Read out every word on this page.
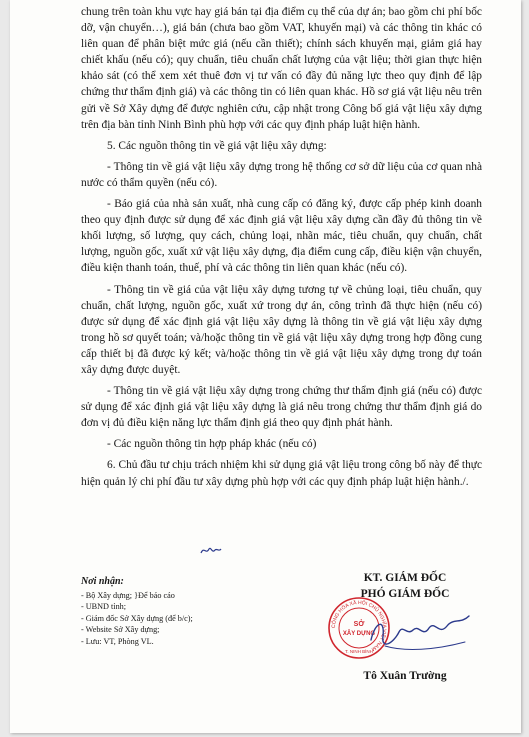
chung trên toàn khu vực hay giá bán tại địa điểm cụ thể của dự án; bao gồm chi phí bốc dỡ, vận chuyển…), giá bán (chưa bao gồm VAT, khuyến mại) và các thông tin khác có liên quan để phân biệt mức giá (nếu cần thiết); chính sách khuyến mại, giảm giá hay chiết khấu (nếu có); quy chuẩn, tiêu chuẩn chất lượng của vật liệu; thời gian thực hiện khảo sát (có thể xem xét thuê đơn vị tư vấn có đầy đủ năng lực theo quy định để lập chứng thư thẩm định giá) và các thông tin có liên quan khác. Hồ sơ giá vật liệu nêu trên gửi về Sở Xây dựng để được nghiên cứu, cập nhật trong Công bố giá vật liệu xây dựng trên địa bàn tỉnh Ninh Bình phù hợp với các quy định pháp luật hiện hành.

5. Các nguồn thông tin về giá vật liệu xây dựng:

- Thông tin về giá vật liệu xây dựng trong hệ thống cơ sở dữ liệu của cơ quan nhà nước có thẩm quyền (nếu có).

- Báo giá của nhà sản xuất, nhà cung cấp có đăng ký, được cấp phép kinh doanh theo quy định được sử dụng để xác định giá vật liệu xây dựng cần đầy đủ thông tin về khối lượng, số lượng, quy cách, chủng loại, nhãn mác, tiêu chuẩn, quy chuẩn, chất lượng, nguồn gốc, xuất xứ vật liệu xây dựng, địa điểm cung cấp, điều kiện vận chuyển, điều kiện thanh toán, thuế, phí và các thông tin liên quan khác (nếu có).

- Thông tin về giá của vật liệu xây dựng tương tự về chủng loại, tiêu chuẩn, quy chuẩn, chất lượng, nguồn gốc, xuất xứ trong dự án, công trình đã thực hiện (nếu có) được sử dụng để xác định giá vật liệu xây dựng là thông tin về giá vật liệu xây dựng trong hồ sơ quyết toán; và/hoặc thông tin về giá vật liệu xây dựng trong hợp đồng cung cấp thiết bị đã được ký kết; và/hoặc thông tin về giá vật liệu xây dựng trong dự toán xây dựng được duyệt.

- Thông tin về giá vật liệu xây dựng trong chứng thư thẩm định giá (nếu có) được sử dụng để xác định giá vật liệu xây dựng là giá nêu trong chứng thư thẩm định giá do đơn vị đủ điều kiện năng lực thẩm định giá theo quy định phát hành.

- Các nguồn thông tin hợp pháp khác (nếu có)

6. Chủ đầu tư chịu trách nhiệm khi sử dụng giá vật liệu trong công bố này để thực hiện quản lý chi phí đầu tư xây dựng phù hợp với các quy định pháp luật hiện hành./.

Nơi nhận:
- Bộ Xây dựng; }Để báo cáo
- UBND tỉnh;
- Giám đốc Sở Xây dựng (để b/c);
- Website Sở Xây dựng;
- Lưu: VT, Phòng VL.
KT. GIÁM ĐỐC
PHÓ GIÁM ĐỐC
CÔNG HÒA XÃ HỘI CHỦ NGHĨA VIỆT NAM
SỞ
XÂY DỰNG
T. NINH BÌNH
Tô Xuân Trường
